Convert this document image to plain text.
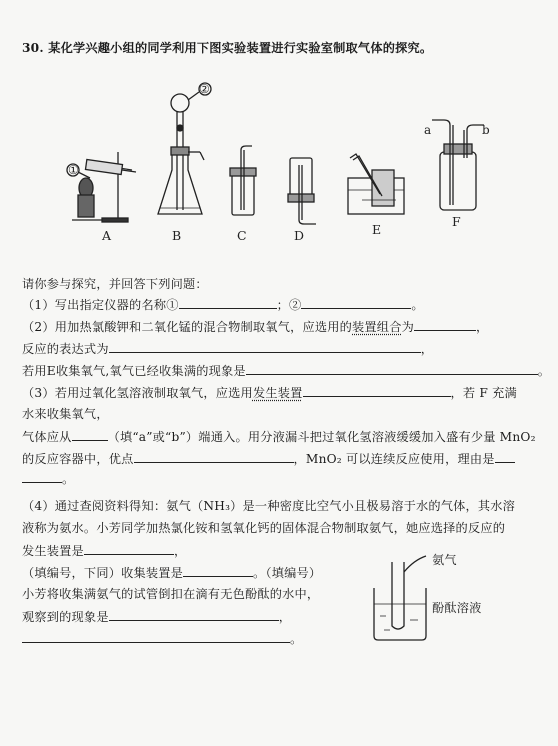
30. 某化学兴趣小组的同学利用下图实验装置进行实验室制取气体的探究。
A	B	C	D	E
F
①
②
a	b
请你参与探究，并回答下列问题：
（1）写出指定仪器的名称①	；②	。
（2）用加热氯酸钾和二氧化锰的混合物制取氧气，应选用的装置组合为	，
反应的表达式为	，
若用E收集氧气,氧气已经收集满的现象是	。
（3）若用过氧化氢溶液制取氧气，应选用发生装置	，若 F 充满
水来收集氧气，
气体应从	（填“a”或“b”）端通入。用分液漏斗把过氧化氢溶液缓缓加入盛有少量 MnO₂
的反应容器中，优点	，MnO₂ 可以连续反应使用，理由是
。
（4）通过查阅资料得知：氨气（NH₃）是一种密度比空气小且极易溶于水的气体，其水溶
液称为氨水。小芳同学加热氯化铵和氢氧化钙的固体混合物制取氨气，她应选择的反应的
发生装置是	，
（填编号，下同）收集装置是	。（填编号）
小芳将收集满氨气的试管倒扣在滴有无色酚酞的水中，
观察到的现象是	，
。
氨气
酚酞溶液
